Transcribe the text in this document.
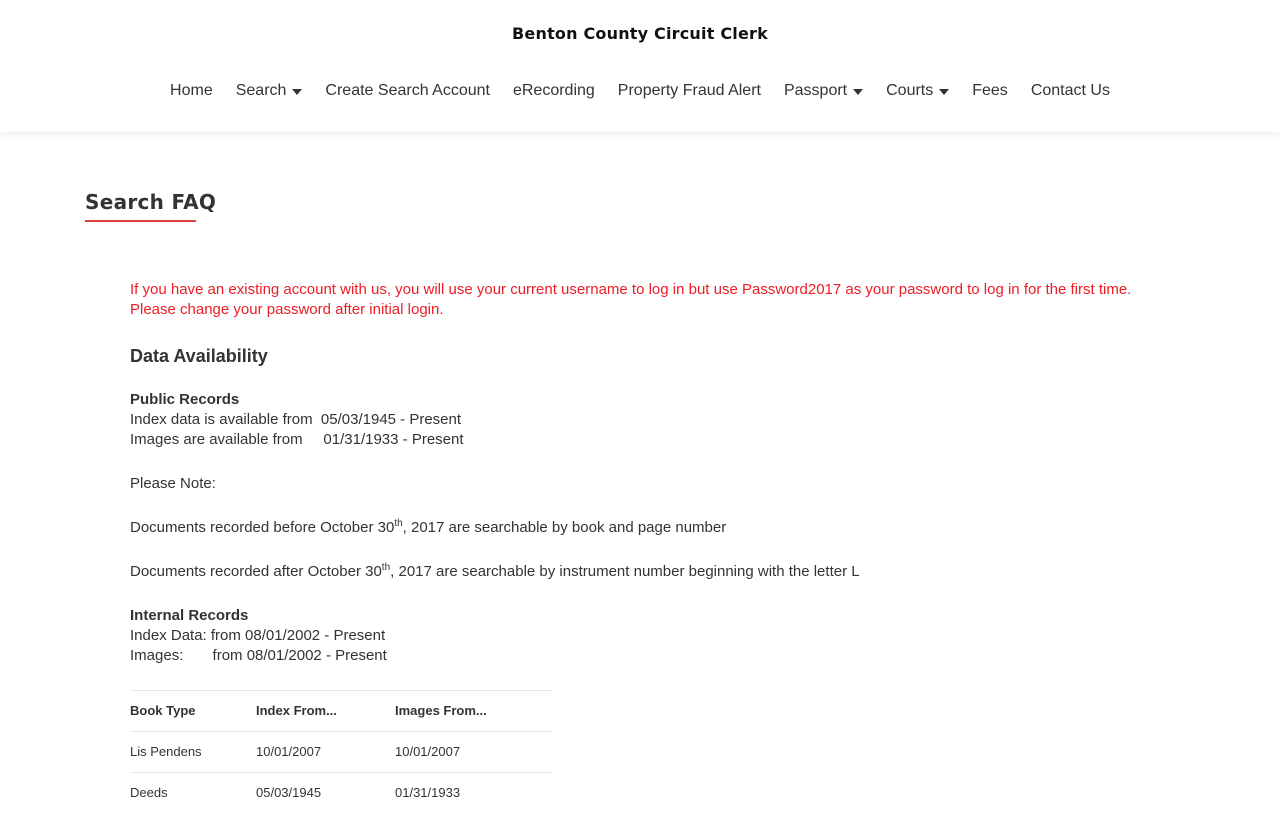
Benton County Circuit Clerk
Home Search Create Search Account eRecording Property Fraud Alert Passport Courts Fees Contact Us
Search FAQ

If you have an existing account with us, you will use your current username to log in but use Password2017 as your password to log in for the first time. Please change your password after initial login.

Data Availability
Public Records
Index data is available from  05/03/1945 - Present
Images are available from     01/31/1933 - Present
Please Note:
Documents recorded before October 30th, 2017 are searchable by book and page number
Documents recorded after October 30th, 2017 are searchable by instrument number beginning with the letter L
Internal Records
Index Data: from 08/01/2002 - Present
Images:       from 08/01/2002 - Present
Book Type	Index From...	Images From...
Lis Pendens	10/01/2007	10/01/2007
Deeds	05/03/1945	01/31/1933
